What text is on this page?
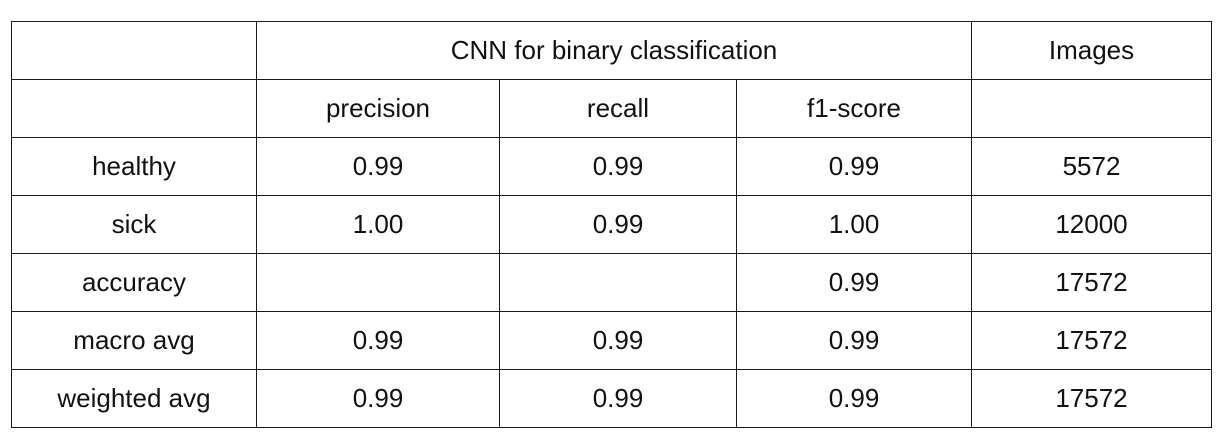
	CNN for binary classification			Images
	precision	recall	f1-score	
healthy	0.99	0.99	0.99	5572
sick	1.00	0.99	1.00	12000
accuracy			0.99	17572
macro avg	0.99	0.99	0.99	17572
weighted avg	0.99	0.99	0.99	17572
